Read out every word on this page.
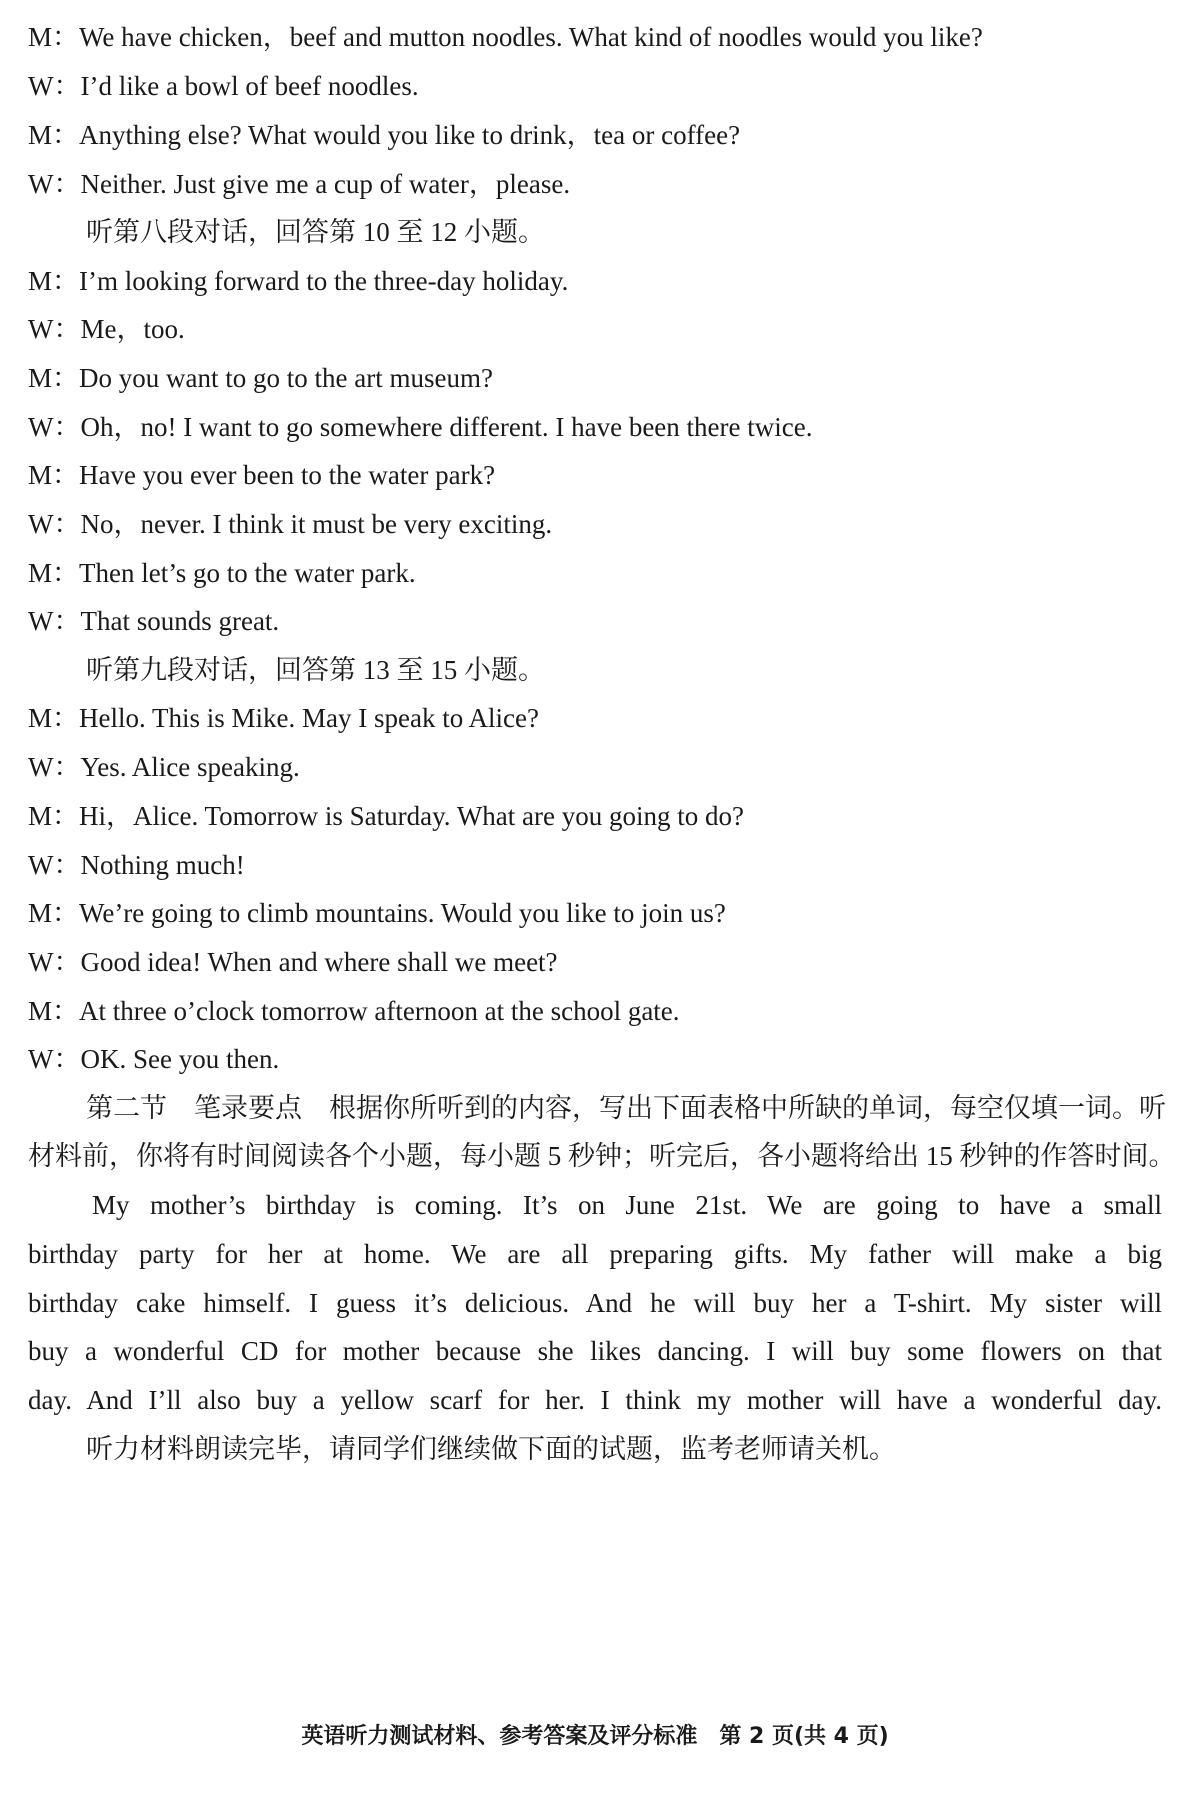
M：We have chicken，beef and mutton noodles. What kind of noodles would you like?
W：I’d like a bowl of beef noodles.
M：Anything else? What would you like to drink，tea or coffee?
W：Neither. Just give me a cup of water，please.
听第八段对话，回答第 10 至 12 小题。
M：I’m looking forward to the three-day holiday.
W：Me，too.
M：Do you want to go to the art museum?
W：Oh，no! I want to go somewhere different. I have been there twice.
M：Have you ever been to the water park?
W：No，never. I think it must be very exciting.
M：Then let’s go to the water park.
W：That sounds great.
听第九段对话，回答第 13 至 15 小题。
M：Hello. This is Mike. May I speak to Alice?
W：Yes. Alice speaking.
M：Hi，Alice. Tomorrow is Saturday. What are you going to do?
W：Nothing much!
M：We’re going to climb mountains. Would you like to join us?
W：Good idea! When and where shall we meet?
M：At three o’clock tomorrow afternoon at the school gate.
W：OK. See you then.
第二节　笔录要点　根据你所听到的内容，写出下面表格中所缺的单词，每空仅填一词。听
材料前，你将有时间阅读各个小题，每小题 5 秒钟；听完后，各小题将给出 15 秒钟的作答时间。
My mother’s birthday is coming. It’s on June 21st. We are going to have a small
birthday party for her at home. We are all preparing gifts. My father will make a big
birthday cake himself. I guess it’s delicious. And he will buy her a T-shirt. My sister will
buy a wonderful CD for mother because she likes dancing. I will buy some flowers on that
day. And I’ll also buy a yellow scarf for her. I think my mother will have a wonderful day.
听力材料朗读完毕，请同学们继续做下面的试题，监考老师请关机。
英语听力测试材料、参考答案及评分标准　第 2 页(共 4 页)
